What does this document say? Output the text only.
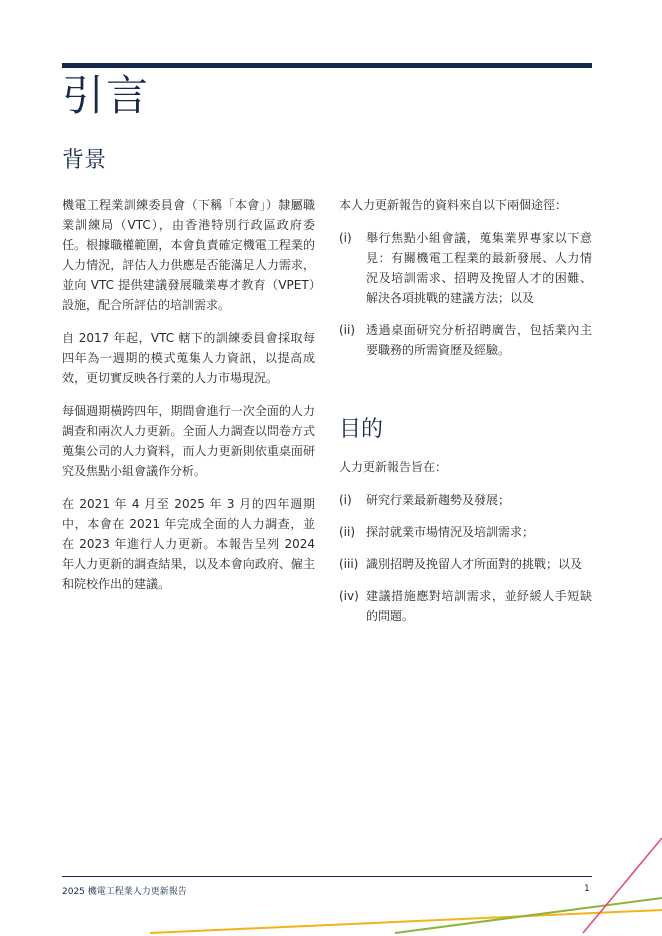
引言
背景

機電工程業訓練委員會（下稱「本會」）隸屬職業訓練局（VTC），由香港特別行政區政府委任。根據職權範圍，本會負責確定機電工程業的人力情況，評估人力供應是否能滿足人力需求，並向 VTC 提供建議發展職業專才教育（VPET）設施，配合所評估的培訓需求。

自 2017 年起，VTC 轄下的訓練委員會採取每四年為一週期的模式蒐集人力資訊，以提高成效，更切實反映各行業的人力市場現況。

每個週期橫跨四年，期間會進行一次全面的人力調查和兩次人力更新。全面人力調查以問卷方式蒐集公司的人力資料，而人力更新則依重桌面研究及焦點小組會議作分析。

在 2021 年 4 月至 2025 年 3 月的四年週期中，本會在 2021 年完成全面的人力調查，並在 2023 年進行人力更新。本報告呈列 2024 年人力更新的調查結果，以及本會向政府、僱主和院校作出的建議。

本人力更新報告的資料來自以下兩個途徑：

(i)	舉行焦點小組會議，蒐集業界專家以下意見：有關機電工程業的最新發展、人力情況及培訓需求、招聘及挽留人才的困難、解決各項挑戰的建議方法；以及
(ii) 透過桌面研究分析招聘廣告，包括業內主要職務的所需資歷及經驗。
目的

人力更新報告旨在：

(i)	研究行業最新趨勢及發展；
(ii) 探討就業市場情況及培訓需求；
(iii) 識別招聘及挽留人才所面對的挑戰；以及
(iv) 建議措施應對培訓需求，並紓緩人手短缺的問題。
2025 機電工程業人力更新報告	1
